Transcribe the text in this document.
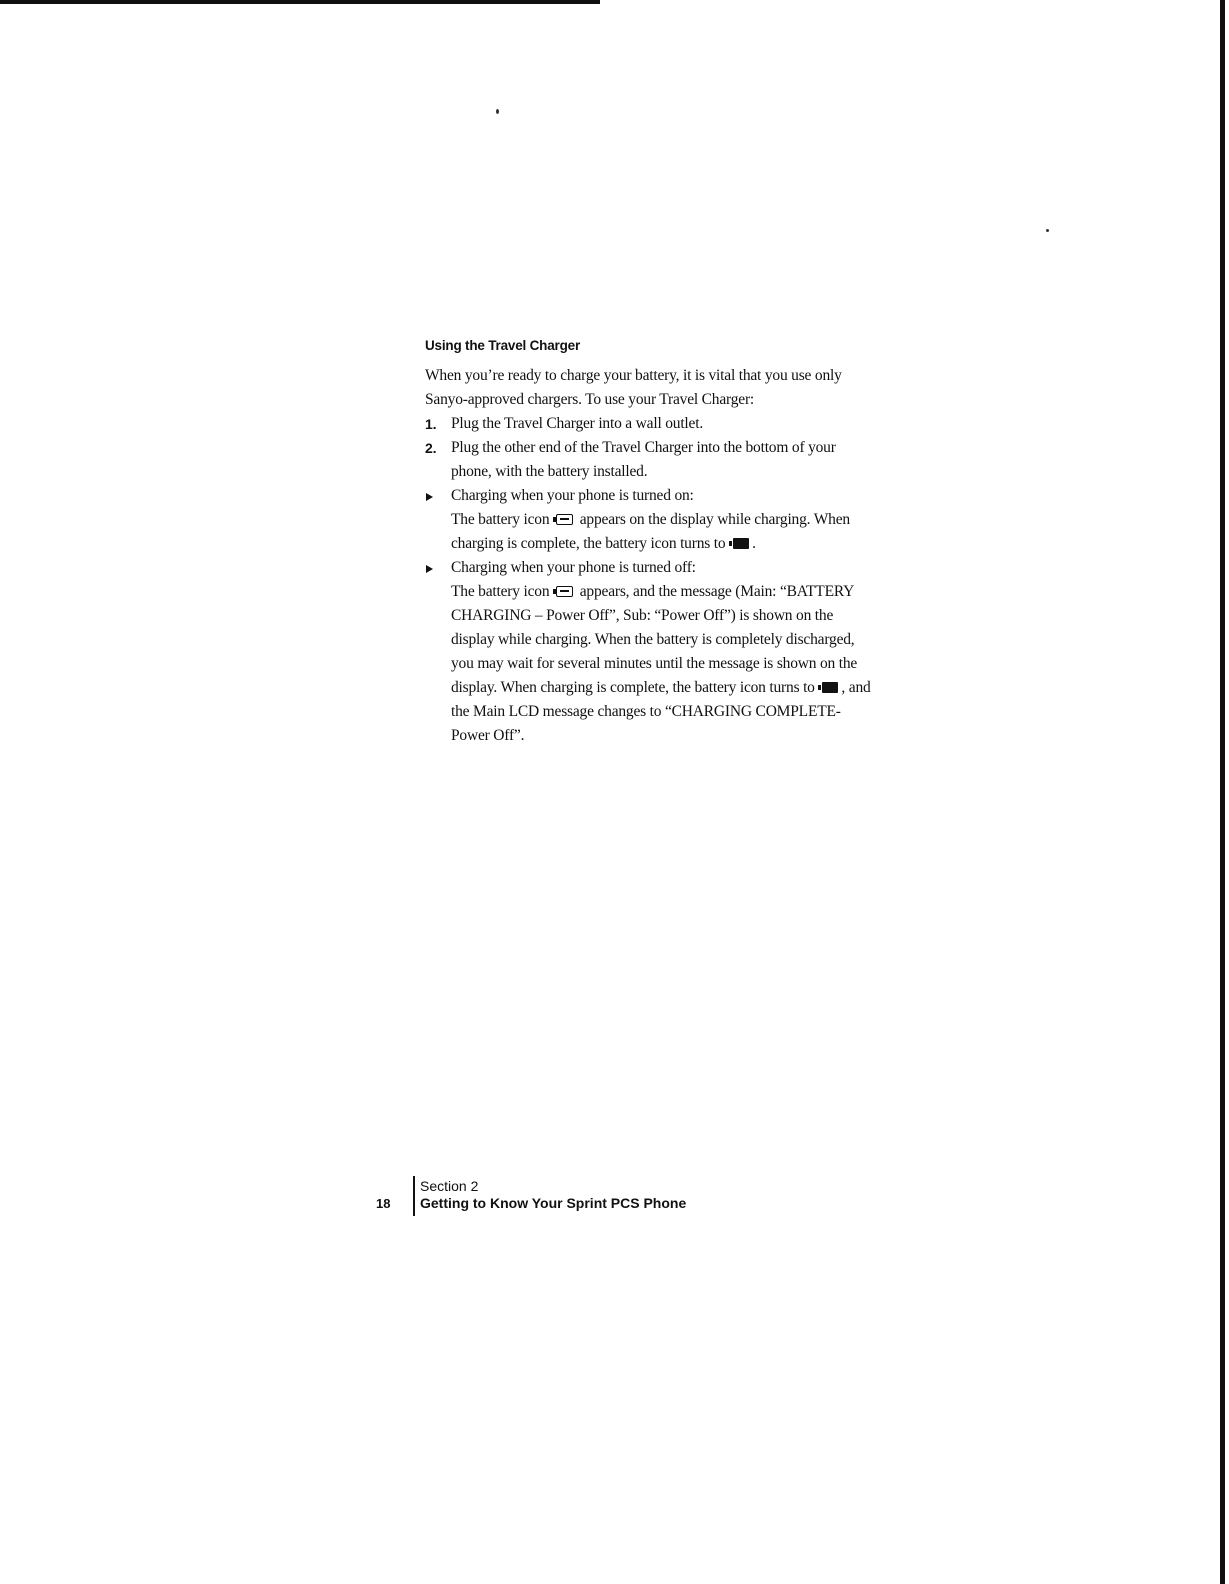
Using the Travel Charger

When you’re ready to charge your battery, it is vital that you use only Sanyo-approved chargers. To use your Travel Charger:

1. Plug the Travel Charger into a wall outlet.
2. Plug the other end of the Travel Charger into the bottom of your phone, with the battery installed.
Charging when your phone is turned on:
The battery icon appears on the display while charging. When charging is complete, the battery icon turns to .
Charging when your phone is turned off:
The battery icon appears, and the message (Main: “BATTERY CHARGING – Power Off”, Sub: “Power Off”) is shown on the display while charging. When the battery is completely discharged, you may wait for several minutes until the message is shown on the display. When charging is complete, the battery icon turns to , and the Main LCD message changes to “CHARGING COMPLETE-Power Off”.
18
Section 2
Getting to Know Your Sprint PCS Phone
